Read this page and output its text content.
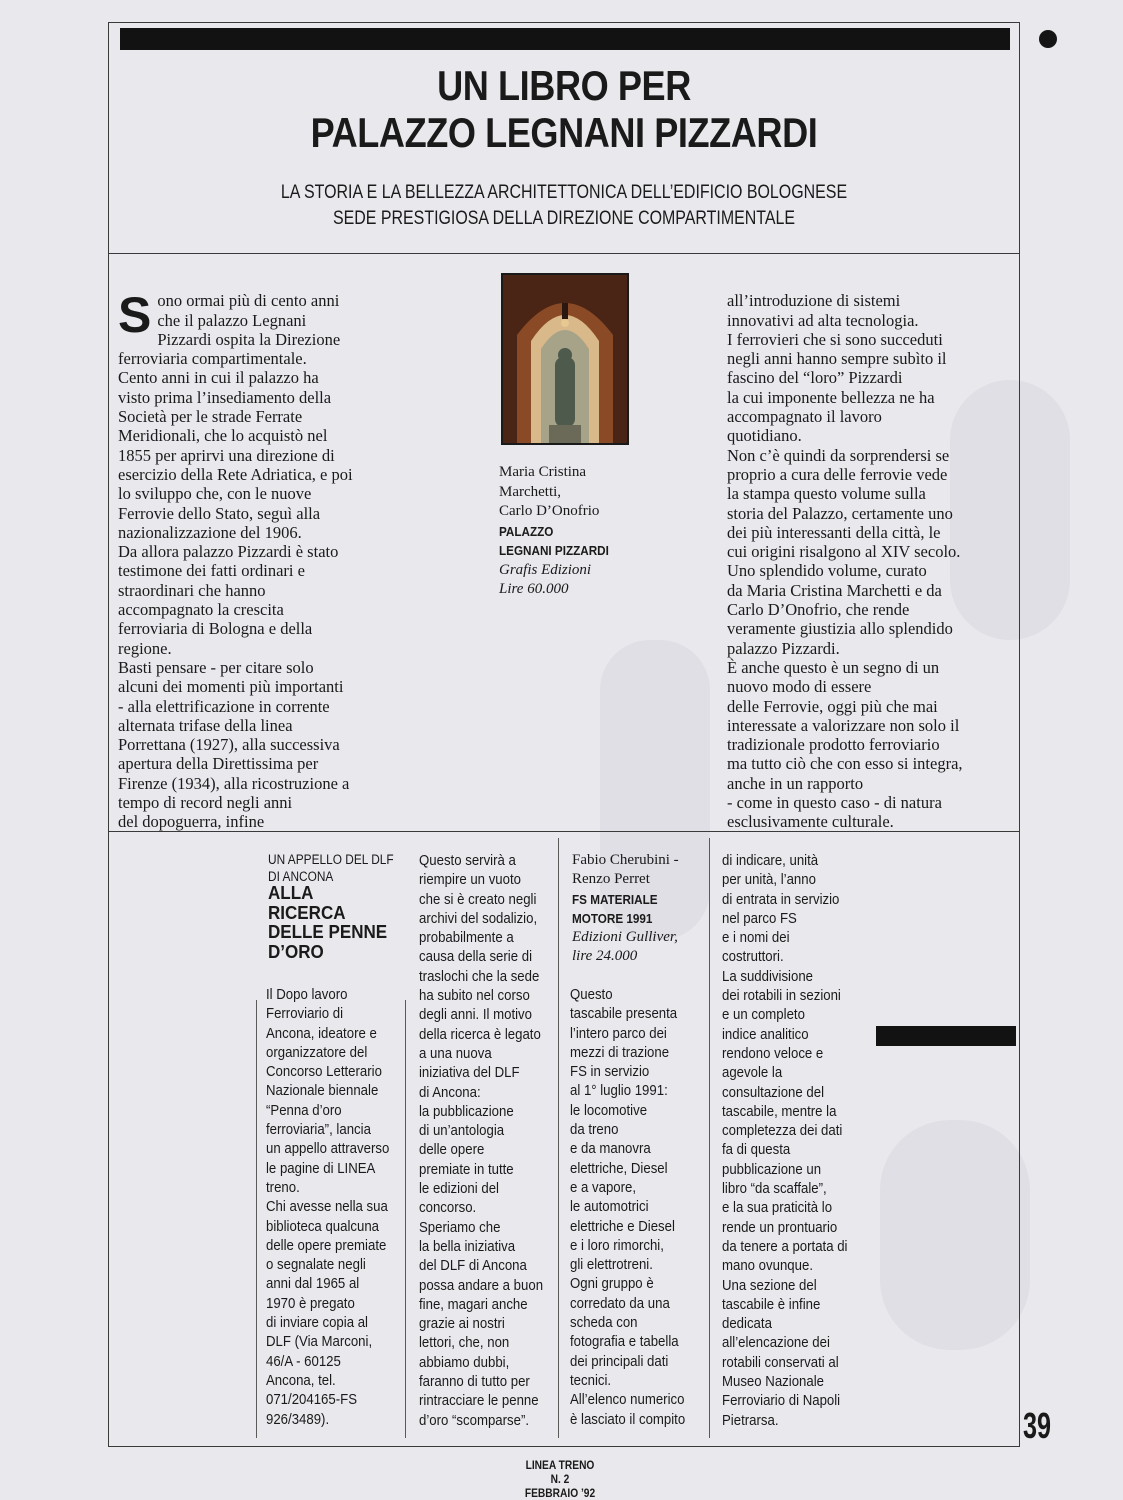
UN LIBRO PER
PALAZZO LEGNANI PIZZARDI
LA STORIA E LA BELLEZZA ARCHITETTONICA DELL’EDIFICIO BOLOGNESE
SEDE PRESTIGIOSA DELLA DIREZIONE COMPARTIMENTALE

Sono ormai più di cento anni
che il palazzo Legnani
Pizzardi ospita la Direzione
ferroviaria compartimentale.
Cento anni in cui il palazzo ha
visto prima l’insediamento della
Società per le strade Ferrate
Meridionali, che lo acquistò nel
1855 per aprirvi una direzione di
esercizio della Rete Adriatica, e poi
lo sviluppo che, con le nuove
Ferrovie dello Stato, seguì alla
nazionalizzazione del 1906.
Da allora palazzo Pizzardi è stato
testimone dei fatti ordinari e
straordinari che hanno
accompagnato la crescita
ferroviaria di Bologna e della
regione.
Basti pensare - per citare solo
alcuni dei momenti più importanti
- alla elettrificazione in corrente
alternata trifase della linea
Porrettana (1927), alla successiva
apertura della Direttissima per
Firenze (1934), alla ricostruzione a
tempo di record negli anni
del dopoguerra, infine

Maria Cristina
Marchetti,
Carlo D’Onofrio
PALAZZO
LEGNANI PIZZARDI
Grafis Edizioni
Lire 60.000

all’introduzione di sistemi
innovativi ad alta tecnologia.
I ferrovieri che si sono succeduti
negli anni hanno sempre subìto il
fascino del “loro” Pizzardi
la cui imponente bellezza ne ha
accompagnato il lavoro
quotidiano.
Non c’è quindi da sorprendersi se
proprio a cura delle ferrovie vede
la stampa questo volume sulla
storia del Palazzo, certamente uno
dei più interessanti della città, le
cui origini risalgono al XIV secolo.
Uno splendido volume, curato
da Maria Cristina Marchetti e da
Carlo D’Onofrio, che rende
veramente giustizia allo splendido
palazzo Pizzardi.
È anche questo è un segno di un
nuovo modo di essere
delle Ferrovie, oggi più che mai
interessate a valorizzare non solo il
tradizionale prodotto ferroviario
ma tutto ciò che con esso si integra,
anche in un rapporto
- come in questo caso - di natura
esclusivamente culturale.

UN APPELLO DEL DLF
DI ANCONA
ALLA
RICERCA
DELLE PENNE
D’ORO
Il Dopo lavoro
Ferroviario di
Ancona, ideatore e
organizzatore del
Concorso Letterario
Nazionale biennale
“Penna d’oro
ferroviaria”, lancia
un appello attraverso
le pagine di LINEA
treno.
Chi avesse nella sua
biblioteca qualcuna
delle opere premiate
o segnalate negli
anni dal 1965 al
1970 è pregato
di inviare copia al
DLF (Via Marconi,
46/A - 60125
Ancona, tel.
071/204165-FS
926/3489).
Questo servirà a
riempire un vuoto
che si è creato negli
archivi del sodalizio,
probabilmente a
causa della serie di
traslochi che la sede
ha subito nel corso
degli anni. Il motivo
della ricerca è legato
a una nuova
iniziativa del DLF
di Ancona:
la pubblicazione
di un’antologia
delle opere
premiate in tutte
le edizioni del
concorso.
Speriamo che
la bella iniziativa
del DLF di Ancona
possa andare a buon
fine, magari anche
grazie ai nostri
lettori, che, non
abbiamo dubbi,
faranno di tutto per
rintracciare le penne
d’oro “scomparse”.
Fabio Cherubini -
Renzo Perret
FS MATERIALE
MOTORE 1991
Edizioni Gulliver,
lire 24.000
Questo
tascabile presenta
l’intero parco dei
mezzi di trazione
FS in servizio
al 1° luglio 1991:
le locomotive
da treno
e da manovra
elettriche, Diesel
e a vapore,
le automotrici
elettriche e Diesel
e i loro rimorchi,
gli elettrotreni.
Ogni gruppo è
corredato da una
scheda con
fotografia e tabella
dei principali dati
tecnici.
All’elenco numerico
è lasciato il compito
di indicare, unità
per unità, l’anno
di entrata in servizio
nel parco FS
e i nomi dei
costruttori.
La suddivisione
dei rotabili in sezioni
e un completo
indice analitico
rendono veloce e
agevole la
consultazione del
tascabile, mentre la
completezza dei dati
fa di questa
pubblicazione un
libro “da scaffale”,
e la sua praticità lo
rende un prontuario
da tenere a portata di
mano ovunque.
Una sezione del
tascabile è infine
dedicata
all’elencazione dei
rotabili conservati al
Museo Nazionale
Ferroviario di Napoli
Pietrarsa.	39
LINEA TRENO
N. 2
FEBBRAIO ’92
